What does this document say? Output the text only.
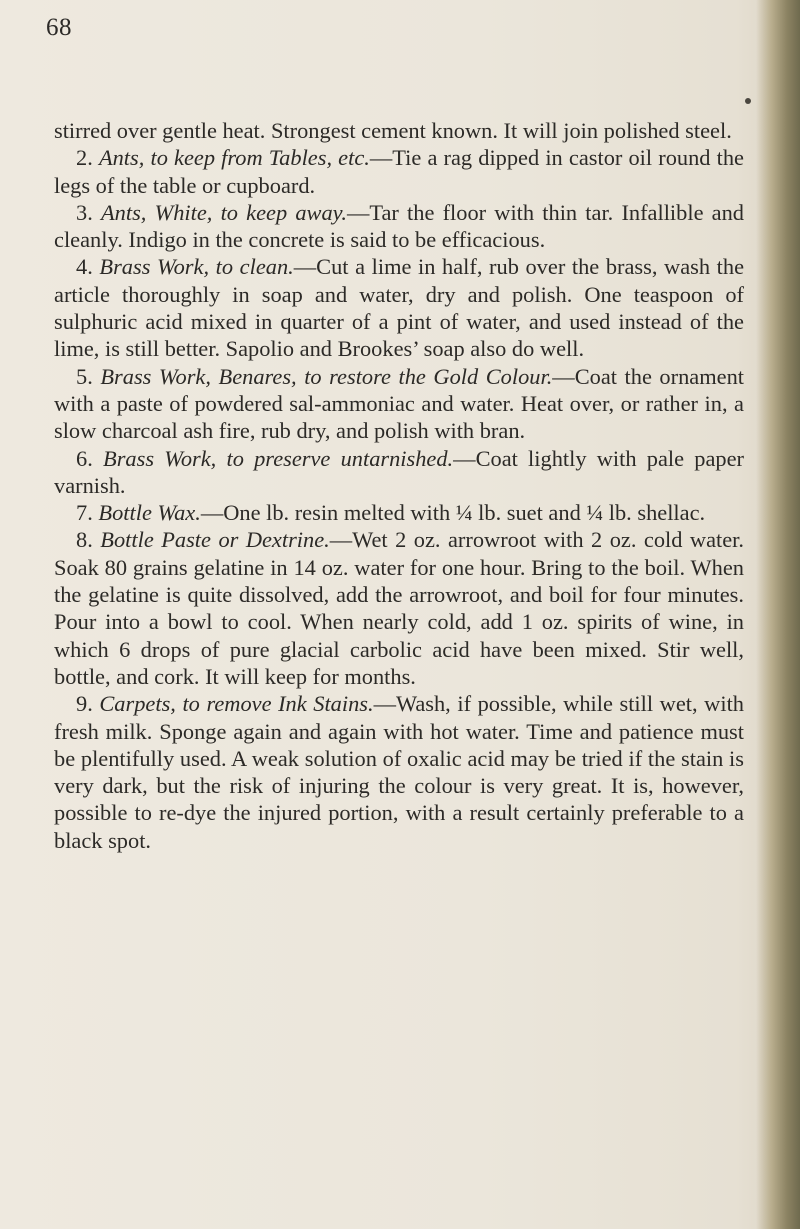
68

stirred over gentle heat. Strongest cement known. It will join polished steel.

2. Ants, to keep from Tables, etc.—Tie a rag dipped in castor oil round the legs of the table or cupboard.

3. Ants, White, to keep away.—Tar the floor with thin tar. Infallible and cleanly. Indigo in the concrete is said to be efficacious.

4. Brass Work, to clean.—Cut a lime in half, rub over the brass, wash the article thoroughly in soap and water, dry and polish. One teaspoon of sulphuric acid mixed in quarter of a pint of water, and used instead of the lime, is still better. Sapolio and Brookes’ soap also do well.

5. Brass Work, Benares, to restore the Gold Colour.—Coat the ornament with a paste of powdered sal-ammoniac and water. Heat over, or rather in, a slow charcoal ash fire, rub dry, and polish with bran.

6. Brass Work, to preserve untarnished.—Coat lightly with pale paper varnish.

7. Bottle Wax.—One lb. resin melted with ¼ lb. suet and ¼ lb. shellac.

8. Bottle Paste or Dextrine.—Wet 2 oz. arrowroot with 2 oz. cold water. Soak 80 grains gelatine in 14 oz. water for one hour. Bring to the boil. When the gelatine is quite dissolved, add the arrowroot, and boil for four minutes. Pour into a bowl to cool. When nearly cold, add 1 oz. spirits of wine, in which 6 drops of pure glacial carbolic acid have been mixed. Stir well, bottle, and cork. It will keep for months.

9. Carpets, to remove Ink Stains.—Wash, if possible, while still wet, with fresh milk. Sponge again and again with hot water. Time and patience must be plentifully used. A weak solution of oxalic acid may be tried if the stain is very dark, but the risk of injuring the colour is very great. It is, however, possible to re-dye the injured portion, with a result certainly preferable to a black spot.
